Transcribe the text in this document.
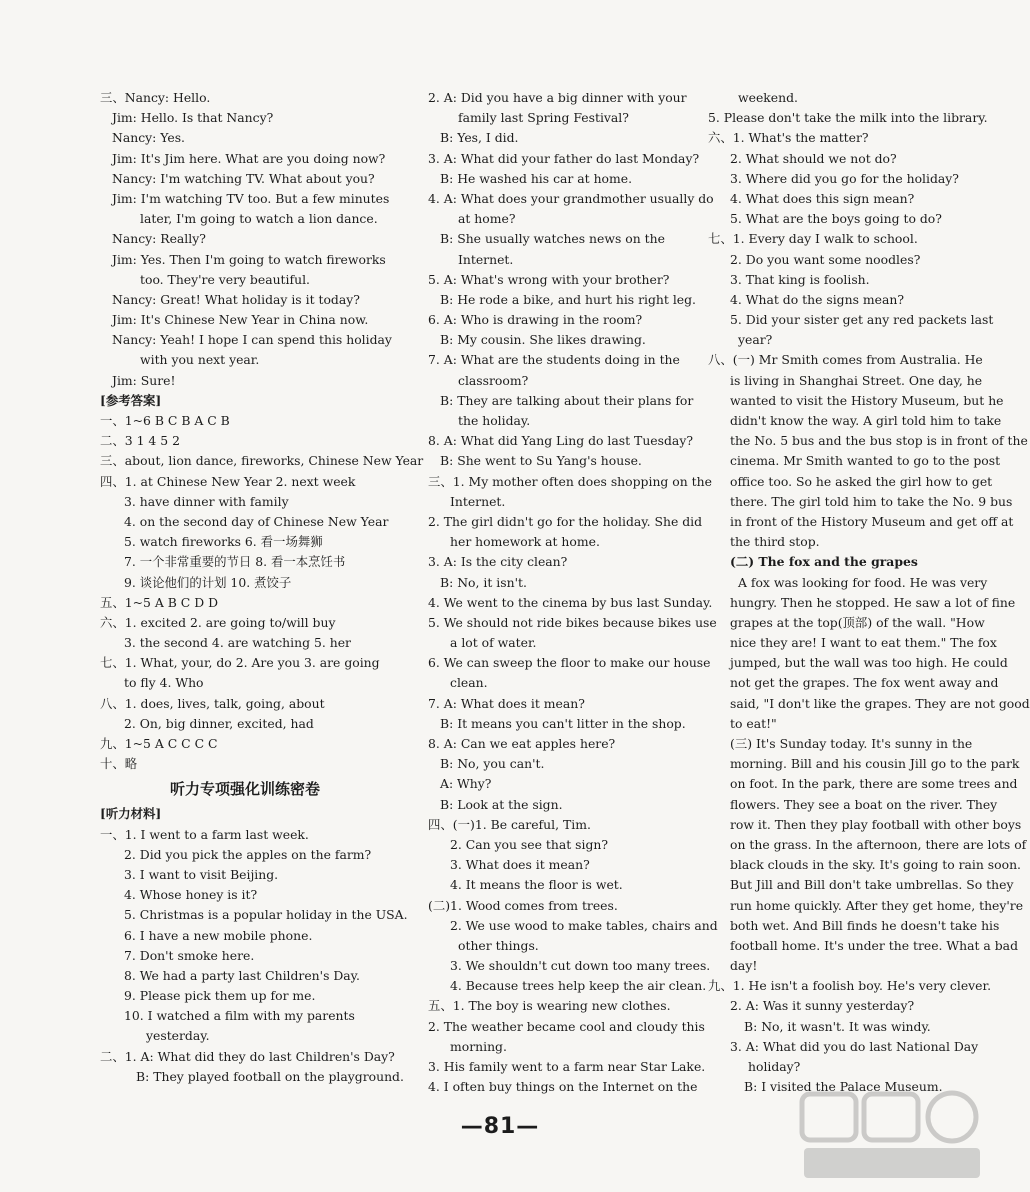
三、Nancy: Hello.
Jim: Hello. Is that Nancy?
Nancy: Yes.
Jim: It's Jim here. What are you doing now?
Nancy: I'm watching TV. What about you?
Jim: I'm watching TV too. But a few minutes
later, I'm going to watch a lion dance.
Nancy: Really?
Jim: Yes. Then I'm going to watch fireworks
too. They're very beautiful.
Nancy: Great! What holiday is it today?
Jim: It's Chinese New Year in China now.
Nancy: Yeah! I hope I can spend this holiday
with you next year.
Jim: Sure!
[参考答案]
一、1~6 B C B A C B
二、3 1 4 5 2
三、about, lion dance, fireworks, Chinese New Year
四、1. at Chinese New Year 2. next week
3. have dinner with family
4. on the second day of Chinese New Year
5. watch fireworks 6. 看一场舞狮
7. 一个非常重要的节日 8. 看一本烹饪书
9. 谈论他们的计划 10. 煮饺子
五、1~5 A B C D D
六、1. excited 2. are going to/will buy
3. the second 4. are watching 5. her
七、1. What, your, do 2. Are you 3. are going
to fly 4. Who
八、1. does, lives, talk, going, about
2. On, big dinner, excited, had
九、1~5 A C C C C
十、略
听力专项强化训练密卷
[听力材料]
一、1. I went to a farm last week.
2. Did you pick the apples on the farm?
3. I want to visit Beijing.
4. Whose honey is it?
5. Christmas is a popular holiday in the USA.
6. I have a new mobile phone.
7. Don't smoke here.
8. We had a party last Children's Day.
9. Please pick them up for me.
10. I watched a film with my parents
yesterday.
二、1. A: What did they do last Children's Day?
B: They played football on the playground.
2. A: Did you have a big dinner with your
family last Spring Festival?
B: Yes, I did.
3. A: What did your father do last Monday?
B: He washed his car at home.
4. A: What does your grandmother usually do
at home?
B: She usually watches news on the
Internet.
5. A: What's wrong with your brother?
B: He rode a bike, and hurt his right leg.
6. A: Who is drawing in the room?
B: My cousin. She likes drawing.
7. A: What are the students doing in the
classroom?
B: They are talking about their plans for
the holiday.
8. A: What did Yang Ling do last Tuesday?
B: She went to Su Yang's house.
三、1. My mother often does shopping on the
Internet.
2. The girl didn't go for the holiday. She did
her homework at home.
3. A: Is the city clean?
B: No, it isn't.
4. We went to the cinema by bus last Sunday.
5. We should not ride bikes because bikes use
a lot of water.
6. We can sweep the floor to make our house
clean.
7. A: What does it mean?
B: It means you can't litter in the shop.
8. A: Can we eat apples here?
B: No, you can't.
A: Why?
B: Look at the sign.
四、(一)1. Be careful, Tim.
2. Can you see that sign?
3. What does it mean?
4. It means the floor is wet.
(二)1. Wood comes from trees.
2. We use wood to make tables, chairs and
other things.
3. We shouldn't cut down too many trees.
4. Because trees help keep the air clean.
五、1. The boy is wearing new clothes.
2. The weather became cool and cloudy this
morning.
3. His family went to a farm near Star Lake.
4. I often buy things on the Internet on the
weekend.
5. Please don't take the milk into the library.
六、1. What's the matter?
2. What should we not do?
3. Where did you go for the holiday?
4. What does this sign mean?
5. What are the boys going to do?
七、1. Every day I walk to school.
2. Do you want some noodles?
3. That king is foolish.
4. What do the signs mean?
5. Did your sister get any red packets last
year?
八、(一) Mr Smith comes from Australia. He
is living in Shanghai Street. One day, he
wanted to visit the History Museum, but he
didn't know the way. A girl told him to take
the No. 5 bus and the bus stop is in front of the
cinema. Mr Smith wanted to go to the post
office too. So he asked the girl how to get
there. The girl told him to take the No. 9 bus
in front of the History Museum and get off at
the third stop.
(二) The fox and the grapes
A fox was looking for food. He was very
hungry. Then he stopped. He saw a lot of fine
grapes at the top(顶部) of the wall. "How
nice they are! I want to eat them." The fox
jumped, but the wall was too high. He could
not get the grapes. The fox went away and
said, "I don't like the grapes. They are not good
to eat!"
(三) It's Sunday today. It's sunny in the
morning. Bill and his cousin Jill go to the park
on foot. In the park, there are some trees and
flowers. They see a boat on the river. They
row it. Then they play football with other boys
on the grass. In the afternoon, there are lots of
black clouds in the sky. It's going to rain soon.
But Jill and Bill don't take umbrellas. So they
run home quickly. After they get home, they're
both wet. And Bill finds he doesn't take his
football home. It's under the tree. What a bad
day!
九、1. He isn't a foolish boy. He's very clever.
2. A: Was it sunny yesterday?
B: No, it wasn't. It was windy.
3. A: What did you do last National Day
holiday?
B: I visited the Palace Museum.
—81—
